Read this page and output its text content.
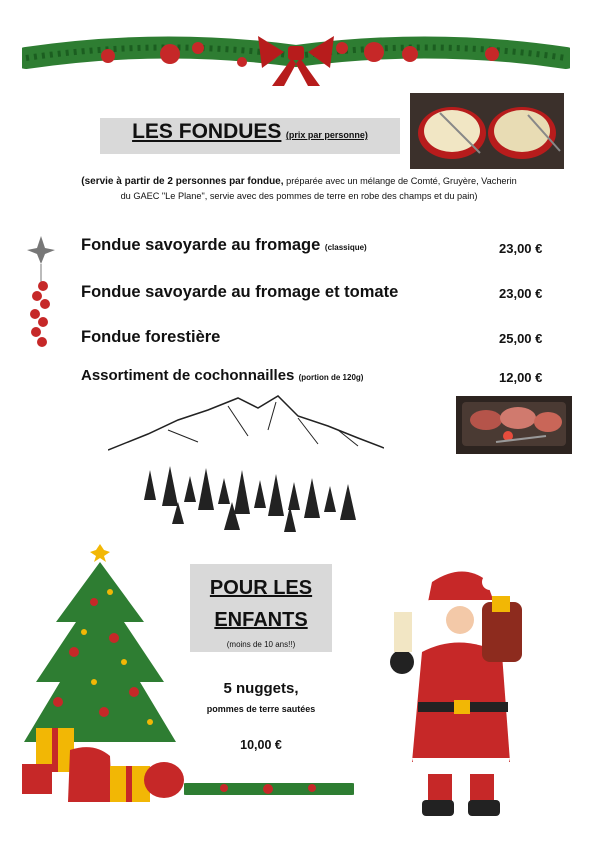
LES FONDUES (prix par personne)
(servie à partir de 2 personnes par fondue, préparée avec un mélange de Comté, Gruyère, Vacherin
du GAEC "Le Plane", servie avec des pommes de terre en robe des champs et du pain)
Fondue savoyarde au fromage (classique)	23,00 €
Fondue savoyarde au fromage et tomate	23,00 €
Fondue forestière	25,00 €
Assortiment de cochonnailles (portion de 120g)	12,00 €
POUR LES
ENFANTS
(moins de 10 ans!!)
5 nuggets,
pommes de terre sautées
10,00 €
